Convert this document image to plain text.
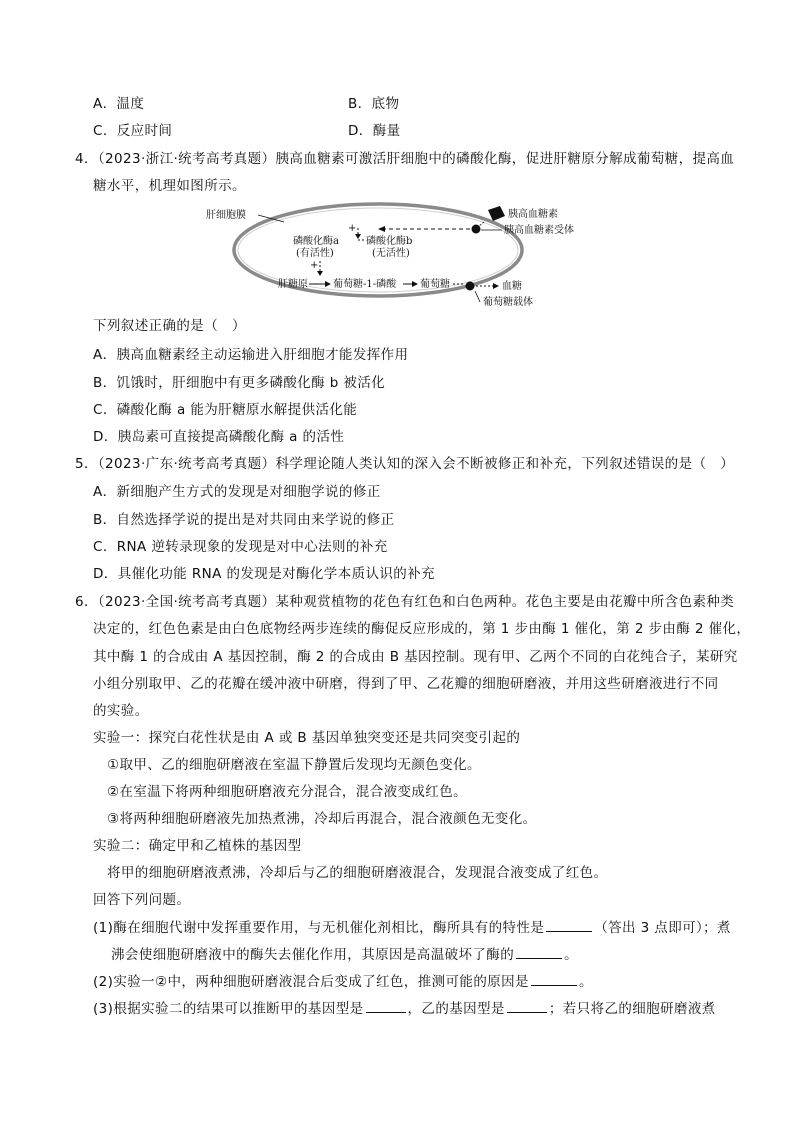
A．温度	B．底物
C．反应时间	D．酶量
4．（2023·浙江·统考高考真题）胰高血糖素可激活肝细胞中的磷酸化酶，促进肝糖原分解成葡萄糖，提高血
糖水平，机理如图所示。
肝细胞膜	胰高血糖素
胰高血糖素受体
磷酸化酶b
(无活性)
磷酸化酶a
(有活性)
+
+
肝糖原	葡萄糖-1-磷酸 葡萄糖	血糖
葡萄糖载体
下列叙述正确的是（　）
A．胰高血糖素经主动运输进入肝细胞才能发挥作用
B．饥饿时，肝细胞中有更多磷酸化酶 b 被活化
C．磷酸化酶 a 能为肝糖原水解提供活化能
D．胰岛素可直接提高磷酸化酶 a 的活性
5．（2023·广东·统考高考真题）科学理论随人类认知的深入会不断被修正和补充，下列叙述错误的是（　）
A．新细胞产生方式的发现是对细胞学说的修正
B．自然选择学说的提出是对共同由来学说的修正
C．RNA 逆转录现象的发现是对中心法则的补充
D．具催化功能 RNA 的发现是对酶化学本质认识的补充
6．（2023·全国·统考高考真题）某种观赏植物的花色有红色和白色两种。花色主要是由花瓣中所含色素种类
决定的，红色色素是由白色底物经两步连续的酶促反应形成的，第 1 步由酶 1 催化，第 2 步由酶 2 催化，
其中酶 1 的合成由 A 基因控制，酶 2 的合成由 B 基因控制。现有甲、乙两个不同的白花纯合子，某研究
小组分别取甲、乙的花瓣在缓冲液中研磨，得到了甲、乙花瓣的细胞研磨液，并用这些研磨液进行不同
的实验。
实验一：探究白花性状是由 A 或 B 基因单独突变还是共同突变引起的
①取甲、乙的细胞研磨液在室温下静置后发现均无颜色变化。
②在室温下将两种细胞研磨液充分混合，混合液变成红色。
③将两种细胞研磨液先加热煮沸，冷却后再混合，混合液颜色无变化。
实验二：确定甲和乙植株的基因型
将甲的细胞研磨液煮沸，冷却后与乙的细胞研磨液混合，发现混合液变成了红色。
回答下列问题。
(1)酶在细胞代谢中发挥重要作用，与无机催化剂相比，酶所具有的特性是	（答出 3 点即可）；煮
沸会使细胞研磨液中的酶失去催化作用，其原因是高温破坏了酶的	。
(2)实验一②中，两种细胞研磨液混合后变成了红色，推测可能的原因是	。
(3)根据实验二的结果可以推断甲的基因型是	，乙的基因型是	；若只将乙的细胞研磨液煮
